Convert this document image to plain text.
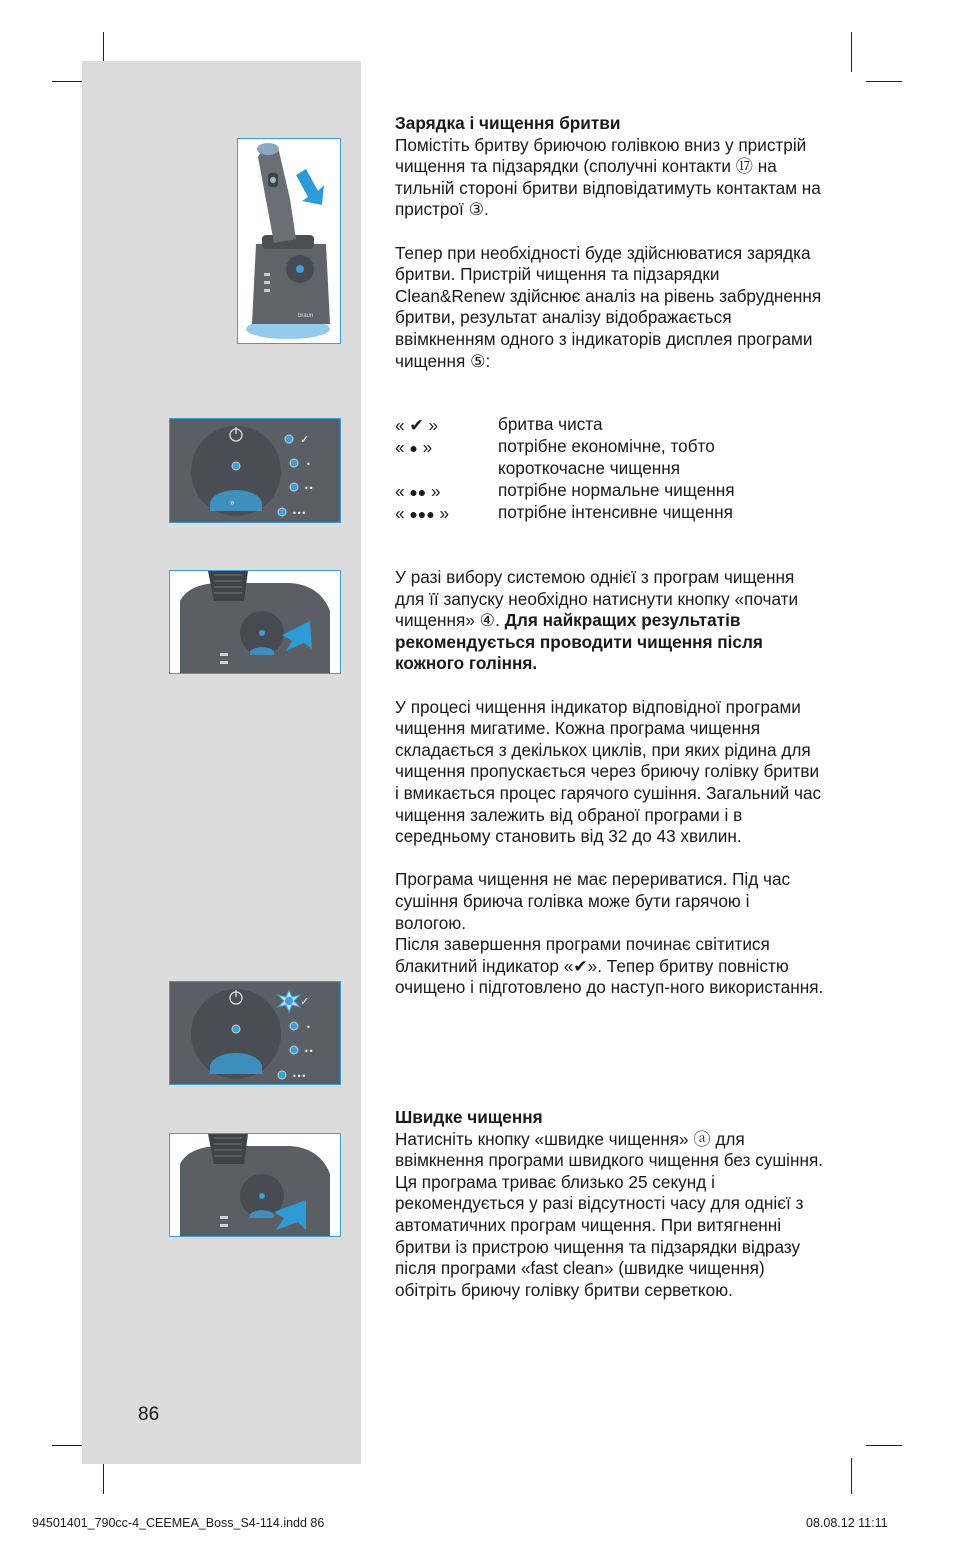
86
braun
»
✓
•
••
•••
✓
•
••
•••

Зарядка і чищення бритви

Помістіть бритву бриючою голівкою вниз у пристрій чищення та підзарядки (сполучні контакти ⑰ на тильній стороні бритви відповідатимуть контактам на пристрої ③.

Тепер при необхідності буде здійснюватися зарядка бритви. Пристрій чищення та підзарядки Clean&Renew здійснює аналіз на рівень забруднення бритви, результат аналізу відображається ввімкненням одного з індикаторів дисплея програми чищення ⑤:

« ✔ »	бритва чиста
« ● »	потрібне економічне, тобто короткочасне чищення
« ●● »	потрібне нормальне чищення
« ●●● »	потрібне інтенсивне чищення

У разі вибору системою однієї з програм чищення для її запуску необхідно натиснути кнопку «почати чищення» ④. Для найкращих результатів рекомендується проводити чищення після кожного гоління.

У процесі чищення індикатор відповідної програми чищення мигатиме. Кожна програма чищення складається з декількох циклів, при яких рідина для чищення пропускається через бриючу голівку бритви і вмикається процес гарячого сушіння. Загальний час чищення залежить від обраної програми і в середньому становить від 32 до 43 хвилин.

Програма чищення не має перериватися. Під час сушіння бриюча голівка може бути гарячою і вологою.

Після завершення програми починає світитися блакитний індикатор «✔». Тепер бритву повністю очищено і підготовлено до наступ-ного використання.

Швидке чищення

Натисніть кнопку «швидке чищення» ⓐ для ввімкнення програми швидкого чищення без сушіння. Ця програма триває близько 25 секунд і рекомендується у разі відсутності часу для однієї з автоматичних програм чищення. При витягненні бритви із пристрою чищення та підзарядки відразу після програми «fast clean» (швидке чищення) обітріть бриючу голівку бритви серветкою.

94501401_790cc-4_CEEMEA_Boss_S4-114.indd 86	08.08.12 11:11
